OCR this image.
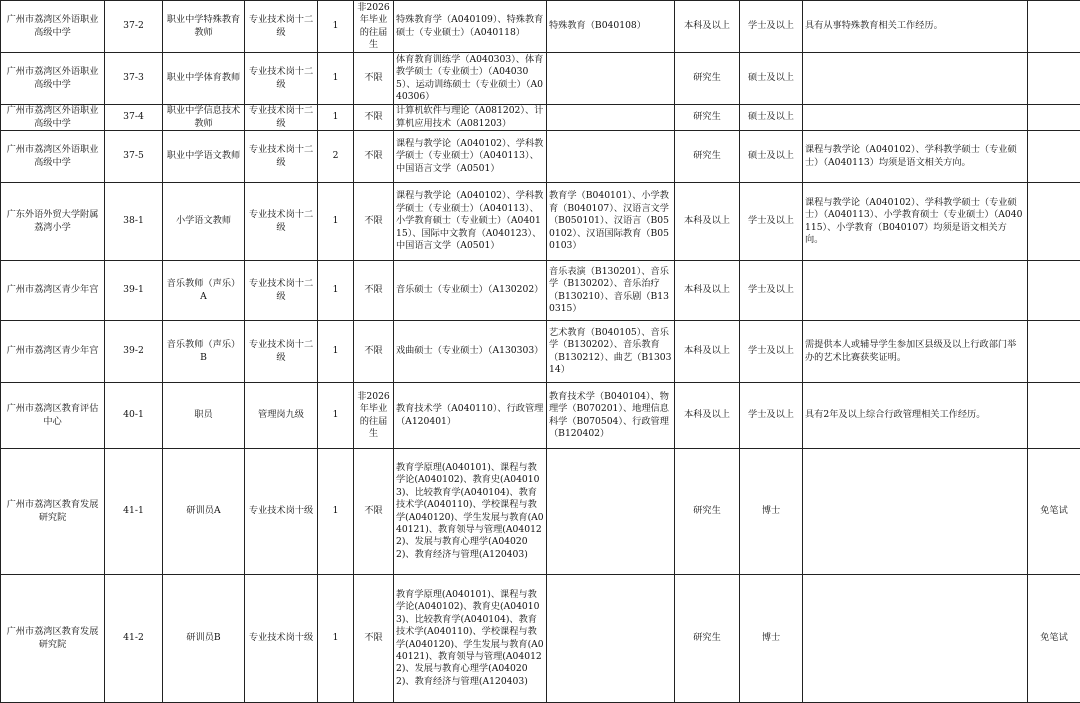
广州市荔湾区外语职业高级中学	37-2	职业中学特殊教育教师	专业技术岗十二级	1	非2026年毕业的往届生	特殊教育学（A040109）、特殊教育硕士（专业硕士）（A040118）	特殊教育（B040108）	本科及以上	学士及以上	具有从事特殊教育相关工作经历。	
广州市荔湾区外语职业高级中学	37-3	职业中学体育教师	专业技术岗十二级	1	不限	体育教育训练学（A040303）、体育教学硕士（专业硕士）（A040305）、运动训练硕士（专业硕士）（A040306）		研究生	硕士及以上		
广州市荔湾区外语职业高级中学	37-4	职业中学信息技术教师	专业技术岗十二级	1	不限	计算机软件与理论（A081202）、计算机应用技术（A081203）		研究生	硕士及以上		
广州市荔湾区外语职业高级中学	37-5	职业中学语文教师	专业技术岗十二级	2	不限	课程与教学论（A040102）、学科教学硕士（专业硕士）（A040113）、中国语言文学（A0501）		研究生	硕士及以上	课程与教学论（A040102）、学科教学硕士（专业硕士）（A040113）均须是语文相关方向。	
广东外语外贸大学附属荔湾小学	38-1	小学语文教师	专业技术岗十二级	1	不限	课程与教学论（A040102）、学科教学硕士（专业硕士）（A040113）、小学教育硕士（专业硕士）（A040115）、国际中文教育（A040123）、中国语言文学（A0501）	教育学（B040101）、小学教育（B040107）、汉语言文学（B050101）、汉语言（B050102）、汉语国际教育（B050103）	本科及以上	学士及以上	课程与教学论（A040102）、学科教学硕士（专业硕士）（A040113）、小学教育硕士（专业硕士）（A040115）、小学教育（B040107）均须是语文相关方向。	
广州市荔湾区青少年宫	39-1	音乐教师（声乐）A	专业技术岗十二级	1	不限	音乐硕士（专业硕士）（A130202）	音乐表演（B130201）、音乐学（B130202）、音乐治疗（B130210）、音乐剧（B130315）	本科及以上	学士及以上		
广州市荔湾区青少年宫	39-2	音乐教师（声乐）B	专业技术岗十二级	1	不限	戏曲硕士（专业硕士）（A130303）	艺术教育（B040105）、音乐学（B130202）、音乐教育（B130212）、曲艺（B130314）	本科及以上	学士及以上	需提供本人或辅导学生参加区县级及以上行政部门举办的艺术比赛获奖证明。	
广州市荔湾区教育评估中心	40-1	职员	管理岗九级	1	非2026年毕业的往届生	教育技术学（A040110）、行政管理（A120401）	教育技术学（B040104）、物理学（B070201）、地理信息科学（B070504）、行政管理（B120402）	本科及以上	学士及以上	具有2年及以上综合行政管理相关工作经历。	
广州市荔湾区教育发展研究院	41-1	研训员A	专业技术岗十级	1	不限	教育学原理(A040101)、课程与教学论(A040102)、教育史(A040103)、比较教育学(A040104)、教育技术学(A040110)、学校课程与教学(A040120)、学生发展与教育(A040121)、教育领导与管理(A040122)、发展与教育心理学(A040202)、教育经济与管理(A120403)		研究生	博士		免笔试
广州市荔湾区教育发展研究院	41-2	研训员B	专业技术岗十级	1	不限	教育学原理(A040101)、课程与教学论(A040102)、教育史(A040103)、比较教育学(A040104)、教育技术学(A040110)、学校课程与教学(A040120)、学生发展与教育(A040121)、教育领导与管理(A040122)、发展与教育心理学(A040202)、教育经济与管理(A120403)		研究生	博士		免笔试
